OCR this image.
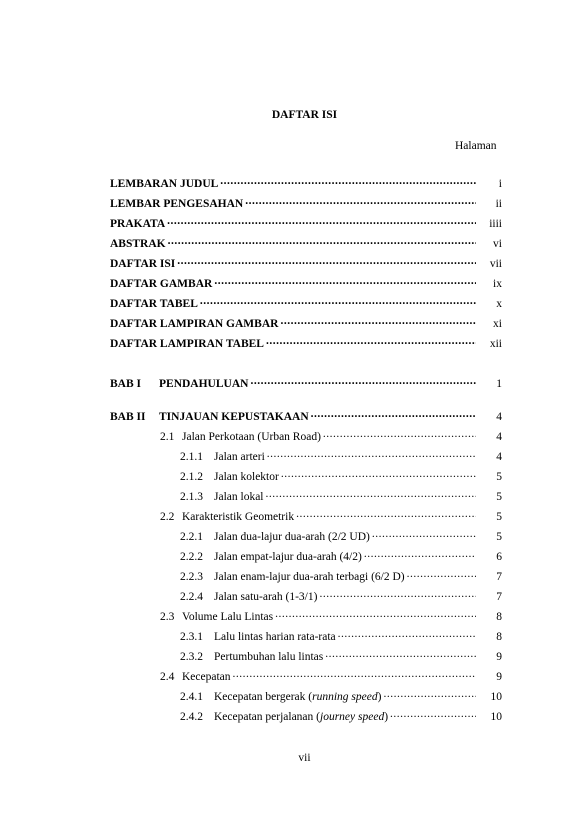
DAFTAR ISI
Halaman
LEMBARAN JUDUL .....	i
LEMBAR PENGESAHAN .....	ii
PRAKATA .....	iiii
ABSTRAK .....	vi
DAFTAR ISI .....	vii
DAFTAR GAMBAR .....	ix
DAFTAR TABEL .....	x
DAFTAR LAMPIRAN GAMBAR .....	xi
DAFTAR LAMPIRAN TABEL .....	xii
BAB I PENDAHULUAN .....	1
BAB II TINJAUAN KEPUSTAKAAN .....	4
2.1 Jalan Perkotaan (Urban Road) .....	4
2.1.1 Jalan arteri .....	4
2.1.2 Jalan kolektor .....	5
2.1.3 Jalan lokal .....	5
2.2 Karakteristik Geometrik .....	5
2.2.1 Jalan dua-lajur dua-arah (2/2 UD) .....	5
2.2.2 Jalan empat-lajur dua-arah (4/2) .....	6
2.2.3 Jalan enam-lajur dua-arah terbagi (6/2 D) .....	7
2.2.4 Jalan satu-arah (1-3/1) .....	7
2.3 Volume Lalu Lintas .....	8
2.3.1 Lalu lintas harian rata-rata .....	8
2.3.2 Pertumbuhan lalu lintas .....	9
2.4 Kecepatan .....	9
2.4.1 Kecepatan bergerak (running speed) .....	10
2.4.2 Kecepatan perjalanan (journey speed) .....	10
vii
